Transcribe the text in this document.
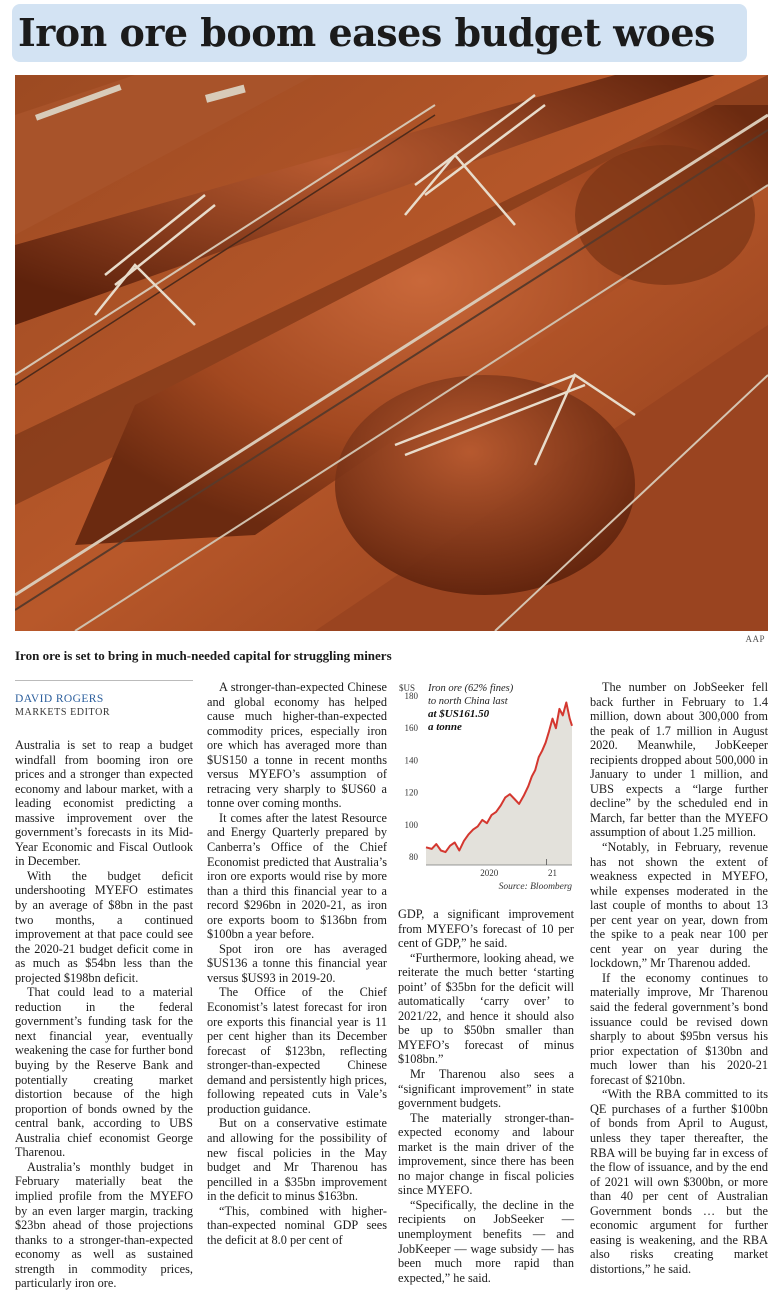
Iron ore boom eases budget woes
AAP
Iron ore is set to bring in much-needed capital for struggling miners
DAVID ROGERS
MARKETS EDITOR

Australia is set to reap a budget windfall from booming iron ore prices and a stronger than expected economy and labour market, with a leading economist predicting a massive improvement over the government’s forecasts in its Mid-Year Economic and Fiscal Outlook in December.

With the budget deficit undershooting MYEFO estimates by an average of $8bn in the past two months, a continued improvement at that pace could see the 2020-21 budget deficit come in as much as $54bn less than the projected $198bn deficit.

That could lead to a material reduction in the federal government’s funding task for the next financial year, eventually weakening the case for further bond buying by the Reserve Bank and potentially creating market distortion because of the high proportion of bonds owned by the central bank, according to UBS Australia chief economist George Tharenou.

Australia’s monthly budget in February materially beat the implied profile from the MYEFO by an even larger margin, tracking $23bn ahead of those projections thanks to a stronger-than-expected economy as well as sustained strength in commodity prices, particularly iron ore.

A stronger-than-expected Chinese and global economy has helped cause much higher-than-expected commodity prices, especially iron ore which has averaged more than $US150 a tonne in recent months versus MYEFO’s assumption of retracing very sharply to $US60 a tonne over coming months.

It comes after the latest Resource and Energy Quarterly prepared by Canberra’s Office of the Chief Economist predicted that Australia’s iron ore exports would rise by more than a third this financial year to a record $296bn in 2020-21, as iron ore exports boom to $136bn from $100bn a year before.

Spot iron ore has averaged $US136 a tonne this financial year versus $US93 in 2019-20.

The Office of the Chief Economist’s latest forecast for iron ore exports this financial year is 11 per cent higher than its December forecast of $123bn, reflecting stronger-than-expected Chinese demand and persistently high prices, following repeated cuts in Vale’s production guidance.

But on a conservative estimate and allowing for the possibility of new fiscal policies in the May budget and Mr Tharenou has pencilled in a $35bn improvement in the deficit to minus $163bn.

“This, combined with higher-than-expected nominal GDP sees the deficit at 8.0 per cent of

$US Iron ore (62% fines)
to north China last
at $US161.50
a tonne
80
100
120
140
160
180
2020	21
Source: Bloomberg

GDP, a significant improvement from MYEFO’s forecast of 10 per cent of GDP,” he said.

“Furthermore, looking ahead, we reiterate the much better ‘starting point’ of $35bn for the deficit will automatically ‘carry over’ to 2021/22, and hence it should also be up to $50bn smaller than MYEFO’s forecast of minus $108bn.”

Mr Tharenou also sees a “significant improvement” in state government budgets.

The materially stronger-than-expected economy and labour market is the main driver of the improvement, since there has been no major change in fiscal policies since MYEFO.

“Specifically, the decline in the recipients on JobSeeker — unemployment benefits — and JobKeeper — wage subsidy — has been much more rapid than expected,” he said.

The number on JobSeeker fell back further in February to 1.4 million, down about 300,000 from the peak of 1.7 million in August 2020. Meanwhile, JobKeeper recipients dropped about 500,000 in January to under 1 million, and UBS expects a “large further decline” by the scheduled end in March, far better than the MYEFO assumption of about 1.25 million.

“Notably, in February, revenue has not shown the extent of weakness expected in MYEFO, while expenses moderated in the last couple of months to about 13 per cent year on year, down from the spike to a peak near 100 per cent year on year during the lockdown,” Mr Tharenou added.

If the economy continues to materially improve, Mr Tharenou said the federal government’s bond issuance could be revised down sharply to about $95bn versus his prior expectation of $130bn and much lower than his 2020-21 forecast of $210bn.

“With the RBA committed to its QE purchases of a further $100bn of bonds from April to August, unless they taper thereafter, the RBA will be buying far in excess of the flow of issuance, and by the end of 2021 will own $300bn, or more than 40 per cent of Australian Government bonds … but the economic argument for further easing is weakening, and the RBA also risks creating market distortions,” he said.
